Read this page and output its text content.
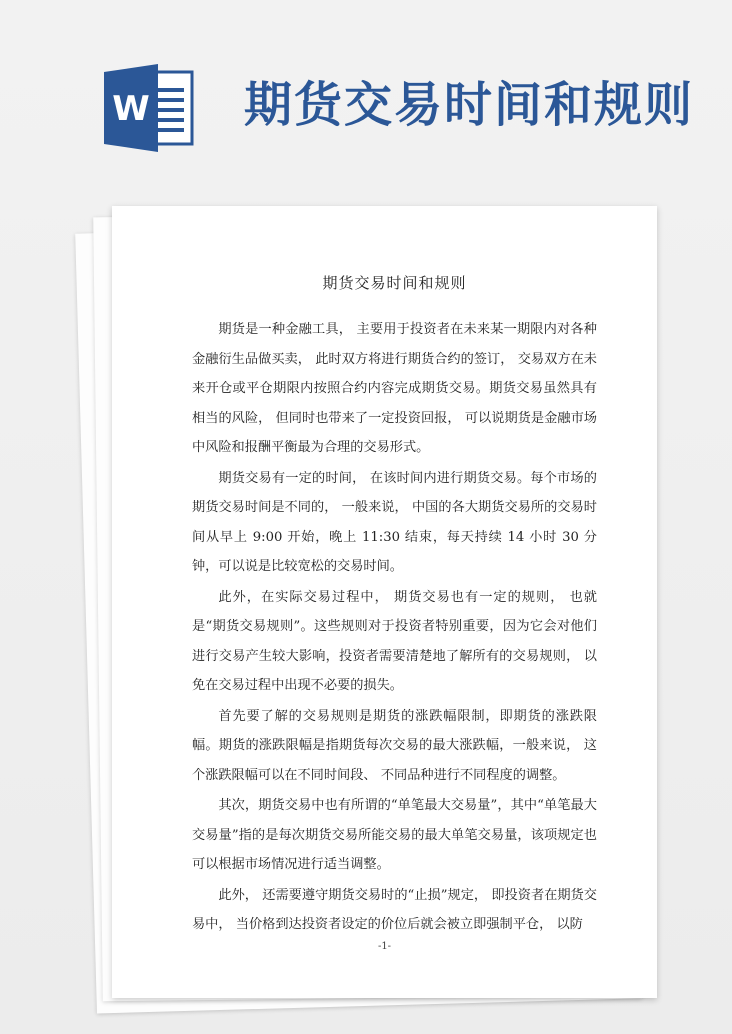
W 期货交易时间和规则
期货交易时间和规则

期货是一种金融工具， 主要用于投资者在未来某一期限内对各种金融衍生品做买卖， 此时双方将进行期货合约的签订， 交易双方在未来开仓或平仓期限内按照合约内容完成期货交易。期货交易虽然具有相当的风险， 但同时也带来了一定投资回报， 可以说期货是金融市场中风险和报酬平衡最为合理的交易形式。

期货交易有一定的时间， 在该时间内进行期货交易。每个市场的期货交易时间是不同的， 一般来说， 中国的各大期货交易所的交易时间从早上 9:00 开始，晚上 11:30 结束，每天持续 14 小时 30 分钟，可以说是比较宽松的交易时间。

此外，在实际交易过程中， 期货交易也有一定的规则， 也就是“期货交易规则”。这些规则对于投资者特别重要，因为它会对他们进行交易产生较大影响，投资者需要清楚地了解所有的交易规则， 以免在交易过程中出现不必要的损失。

首先要了解的交易规则是期货的涨跌幅限制，即期货的涨跌限幅。期货的涨跌限幅是指期货每次交易的最大涨跌幅，一般来说， 这个涨跌限幅可以在不同时间段、 不同品种进行不同程度的调整。

其次，期货交易中也有所谓的“单笔最大交易量”，其中“单笔最大交易量”指的是每次期货交易所能交易的最大单笔交易量，该项规定也可以根据市场情况进行适当调整。

此外， 还需要遵守期货交易时的“止损”规定， 即投资者在期货交易中， 当价格到达投资者设定的价位后就会被立即强制平仓， 以防

-1-
